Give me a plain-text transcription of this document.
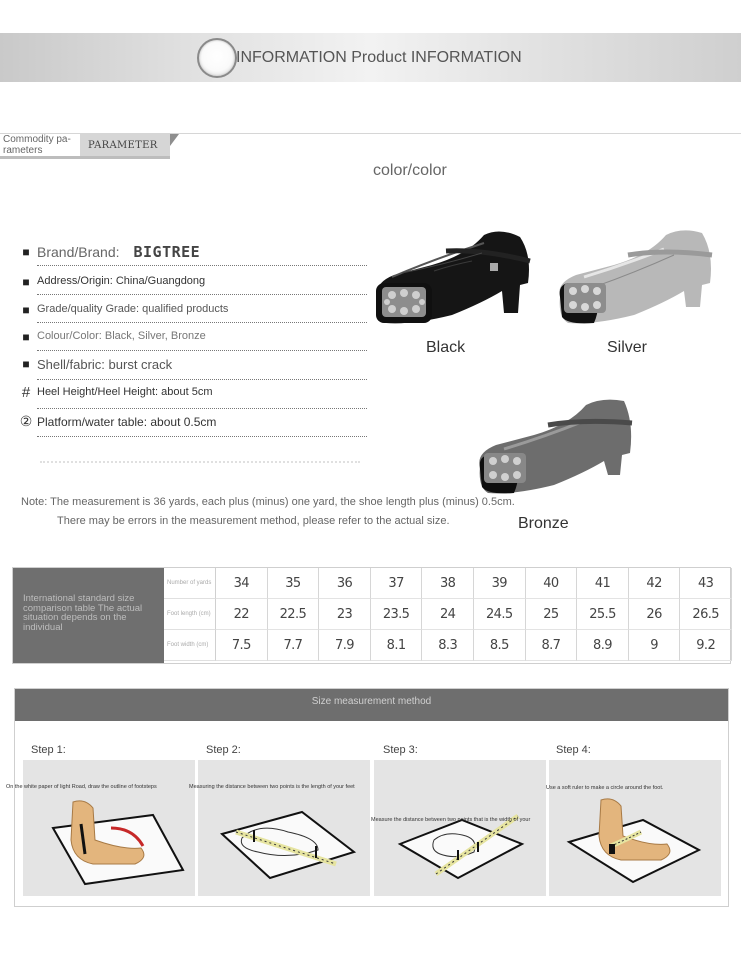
INFORMATION Product INFORMATION
Commodity pa- rameters	PARAMETER
color/color
■ Brand/Brand: BIGTREE
■ Address/Origin: China/Guangdong
■ Grade/quality Grade: qualified products
■ Colour/Color: Black, Silver, Bronze
■ Shell/fabric: burst crack
# Heel Height/Heel Height: about 5cm
② Platform/water table: about 0.5cm
Black	Silver
Bronze
Note: The measurement is 36 yards, each plus (minus) one yard, the shoe length plus (minus) 0.5cm.
There may be errors in the measurement method, please refer to the actual size.
International standard size comparison table The actual situation depends on the individual
Number of yards	34	35	36	37	38	39	40	41	42	43
Foot length (cm)	22	22.5	23	23.5	24	24.5	25	25.5	26	26.5
Foot width (cm)	7.5	7.7	7.9	8.1	8.3	8.5	8.7	8.9	9	9.2
Size measurement method
Step 1:	Step 2:	Step 3:	Step 4:
On the white paper of light Road, draw the outline of footsteps	Measuring the distance between two points is the length of your feet
Measure the distance between two points that is the width of your
Use a soft ruler to make a circle around the foot.
